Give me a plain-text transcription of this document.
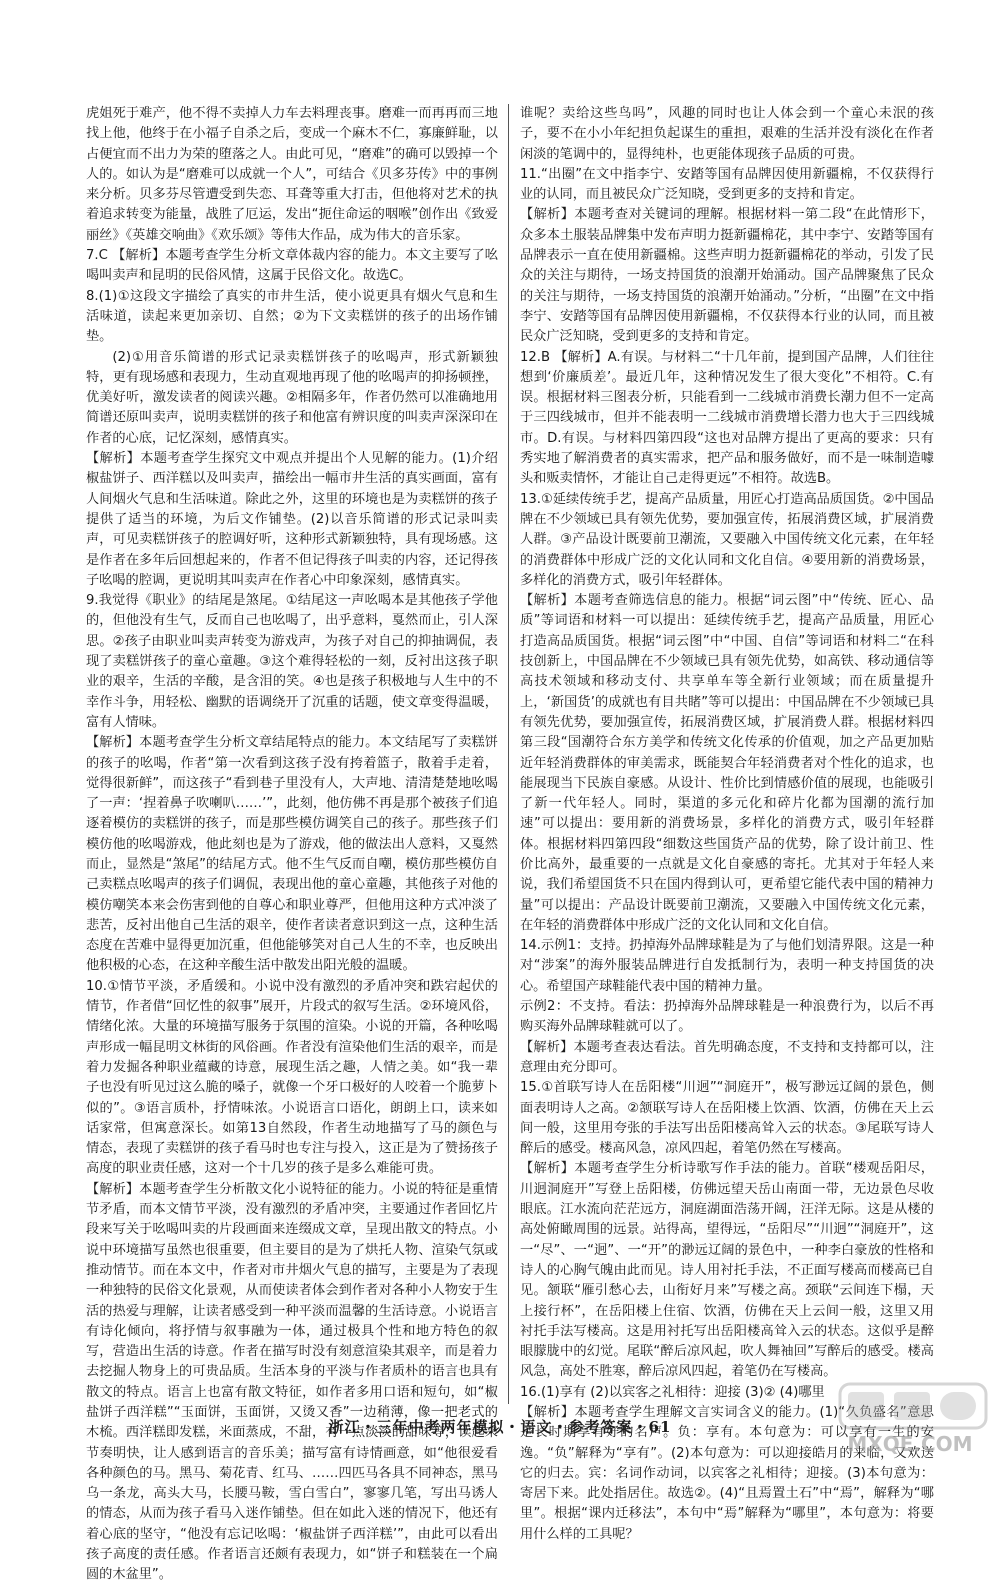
虎姐死于难产，他不得不卖掉人力车去料理丧事。磨难一而再再而三地找上他，他终于在小福子自杀之后，变成一个麻木不仁，寡廉鲜耻，以占便宜而不出力为荣的堕落之人。由此可见，“磨难”的确可以毁掉一个人的。如认为是“磨难可以成就一个人”，可结合《贝多芬传》中的事例来分析。贝多芬尽管遭受到失恋、耳聋等重大打击，但他将对艺术的执着追求转变为能量，战胜了厄运，发出“扼住命运的咽喉”创作出《致爱丽丝》《英雄交响曲》《欢乐颂》等伟大作品，成为伟大的音乐家。

7.C 【解析】本题考查学生分析文章体裁内容的能力。本文主要写了吆喝叫卖声和昆明的民俗风情，这属于民俗文化。故选C。

8.(1)①这段文字描绘了真实的市井生活，使小说更具有烟火气息和生活味道，读起来更加亲切、自然；②为下文卖糕饼的孩子的出场作铺垫。

(2)①用音乐简谱的形式记录卖糕饼孩子的吆喝声，形式新颖独特，更有现场感和表现力，生动直观地再现了他的吆喝声的抑扬顿挫，优美好听，激发读者的阅读兴趣。②相隔多年，作者仍然可以准确地用简谱还原叫卖声，说明卖糕饼的孩子和他富有辨识度的叫卖声深深印在作者的心底，记忆深刻，感情真实。

【解析】本题考查学生探究文中观点并提出个人见解的能力。(1)介绍椒盐饼子、西洋糕以及叫卖声，描绘出一幅市井生活的真实画面，富有人间烟火气息和生活味道。除此之外，这里的环境也是为卖糕饼的孩子提供了适当的环境，为后文作铺垫。(2)以音乐简谱的形式记录叫卖声，可见卖糕饼孩子的腔调好听，这种形式新颖独特，具有现场感。这是作者在多年后回想起来的，作者不但记得孩子叫卖的内容，还记得孩子吆喝的腔调，更说明其叫卖声在作者心中印象深刻，感情真实。

9.我觉得《职业》的结尾是煞尾。①结尾这一声吆喝本是其他孩子学他的，但他没有生气，反而自己也吆喝了，出乎意料，戛然而止，引人深思。②孩子由职业叫卖声转变为游戏声，为孩子对自己的抑抽调侃，表现了卖糕饼孩子的童心童趣。③这个难得轻松的一刻，反衬出这孩子职业的艰辛，生活的辛酸，是含泪的笑。④也是孩子积极地与人生中的不幸作斗争，用轻松、幽默的语调绕开了沉重的话题，使文章变得温暖，富有人情味。

【解析】本题考查学生分析文章结尾特点的能力。本文结尾写了卖糕饼的孩子的吆喝，作者“第一次看到这孩子没有挎着篮子，散着手走着，觉得很新鲜”，而这孩子“看到巷子里没有人，大声地、清清楚楚地吆喝了一声：‘捏着鼻子吹喇叭……’”，此刻，他仿佛不再是那个被孩子们追逐着模仿的卖糕饼的孩子，而是那些模仿调笑自己的孩子。那些孩子们模仿他的吆喝游戏，他此刻也是为了游戏，他的做法出人意料，又戛然而止，显然是“煞尾”的结尾方式。他不生气反而自嘲，模仿那些模仿自己卖糕点吆喝声的孩子们调侃，表现出他的童心童趣，其他孩子对他的模仿嘲笑本来会伤害到他的自尊心和职业尊严，但他用这种方式冲淡了悲苦，反衬出他自己生活的艰辛，使作者读者意识到这一点，这种生活态度在苦难中显得更加沉重，但他能够笑对自己人生的不幸，也反映出他积极的心态，在这种辛酸生活中散发出阳光般的温暖。

10.①情节平淡，矛盾缓和。小说中没有激烈的矛盾冲突和跌宕起伏的情节，作者借“回忆性的叙事”展开，片段式的叙写生活。②环境风俗，情绪化浓。大量的环境描写服务于氛围的渲染。小说的开篇，各种吆喝声形成一幅昆明文林街的风俗画。作者没有渲染他们生活的艰辛，而是着力发掘各种职业蕴藏的诗意，展现生活之趣，人情之美。如“我一辈子也没有听见过这么脆的嗓子，就像一个牙口极好的人咬着一个脆萝卜似的”。③语言质朴，抒情味浓。小说语言口语化，朗朗上口，读来如话家常，但寓意深长。如第13自然段，作者生动地描写了马的颜色与情态，表现了卖糕饼的孩子看马时也专注与投入，这正是为了赞扬孩子高度的职业责任感，这对一个十几岁的孩子是多么难能可贵。

【解析】本题考查学生分析散文化小说特征的能力。小说的特征是重情节矛盾，而本文情节平淡，没有激烈的矛盾冲突，主要通过作者回忆片段来写关于吆喝叫卖的片段画面来连缀成文章，呈现出散文的特点。小说中环境描写虽然也很重要，但主要目的是为了烘托人物、渲染气氛或推动情节。而在本文中，作者对市井烟火气息的描写，主要是为了表现一种独特的民俗文化景观，从而使读者体会到作者对各种小人物安于生活的热爱与理解，让读者感受到一种平淡而温馨的生活诗意。小说语言有诗化倾向，将抒情与叙事融为一体，通过极具个性和地方特色的叙写，营造出生活的诗意。作者在描写时没有刻意渲染其艰辛，而是着力去挖掘人物身上的可贵品质。生活本身的平淡与作者质朴的语言也具有散文的特点。语言上也富有散文特征，如作者多用口语和短句，如“椒盐饼子西洋糕”“玉面饼，玉面饼，又烫又香”一边稍薄，像一把老式的木梳。西洋糕即发糕，米面蒸成，不甜，有一点淡淡的甜味等，读起来节奏明快，让人感到语言的音乐美；描写富有诗情画意，如“他很爱看各种颜色的马。黑马、菊花青、红马、……四匹马各具不同神态，黑马乌一条龙，高头大马，长腰马鞍，雪白雪白”，寥寥几笔，写出马诱人的情态，从而为孩子看马入迷作铺垫。但在如此入迷的情况下，他还有着心底的坚守，“他没有忘记吆喝：‘椒盐饼子西洋糕’”，由此可以看出孩子高度的责任感。作者语言还颇有表现力，如“饼子和糕装在一个扁圆的木盆里”。

谁呢？卖给这些鸟吗”，风趣的同时也让人体会到一个童心未泯的孩子，要不在小小年纪担负起谋生的重担，艰难的生活并没有淡化在作者闲淡的笔调中的，显得纯朴，也更能体现孩子品质的可贵。

11.“出圈”在文中指李宁、安踏等国有品牌因使用新疆棉，不仅获得行业的认同，而且被民众广泛知晓，受到更多的支持和肯定。

【解析】本题考查对关键词的理解。根据材料一第二段“在此情形下，众多本土服装品牌集中发布声明力挺新疆棉花，其中李宁、安踏等国有品牌表示一直在使用新疆棉。这些声明力挺新疆棉花的举动，引发了民众的关注与期待，一场支持国货的浪潮开始涌动。国产品牌聚焦了民众的关注与期待，一场支持国货的浪潮开始涌动。”分析，“出圈”在文中指李宁、安踏等国有品牌因使用新疆棉，不仅获得本行业的认同，而且被民众广泛知晓，受到更多的支持和肯定。

12.B 【解析】A.有误。与材料二“十几年前，提到国产品牌，人们往往想到‘价廉质差’。最近几年，这种情况发生了很大变化”不相符。C.有误。根据材料三图表分析，只能看到一二线城市消费长潮力但不一定高于三四线城市，但并不能表明一二线城市消费增长潜力也大于三四线城市。D.有误。与材料四第四段“这也对品牌方提出了更高的要求：只有秀实地了解消费者的真实需求，把产品和服务做好，而不是一味制造噱头和贩卖情怀，才能让自己走得更远”不相符。故选B。

13.①延续传统手艺，提高产品质量，用匠心打造高品质国货。②中国品牌在不少领域已具有领先优势，要加强宣传，拓展消费区域，扩展消费人群。③产品设计既要前卫潮流，又要融入中国传统文化元素，在年轻的消费群体中形成广泛的文化认同和文化自信。④要用新的消费场景，多样化的消费方式，吸引年轻群体。

【解析】本题考查筛选信息的能力。根据“词云图”中“传统、匠心、品质”等词语和材料一可以提出：延续传统手艺，提高产品质量，用匠心打造高品质国货。根据“词云图”中“中国、自信”等词语和材料二“在科技创新上，中国品牌在不少领域已具有领先优势，如高铁、移动通信等高技术领域和移动支付、共享单车等全新行业领域；而在质量提升上，‘新国货’的成就也有目共睹”等可以提出：中国品牌在不少领域已具有领先优势，要加强宣传，拓展消费区域，扩展消费人群。根据材料四第三段“国潮符合东方美学和传统文化传承的价值观，加之产品更加贴近年轻消费群体的审美需求，既能契合年轻消费者对个性化的追求，也能展现当下民族自豪感。从设计、性价比到情感价值的展现，也能吸引了新一代年轻人。同时，渠道的多元化和碎片化都为国潮的流行加速”可以提出：要用新的消费场景，多样化的消费方式，吸引年轻群体。根据材料四第四段“细数这些国货产品的优势，除了设计前卫、性价比高外，最重要的一点就是文化自豪感的寄托。尤其对于年轻人来说，我们希望国货不只在国内得到认可，更希望它能代表中国的精神力量”可以提出：产品设计既要前卫潮流，又要融入中国传统文化元素，在年轻的消费群体中形成广泛的文化认同和文化自信。

14.示例1：支持。扔掉海外品牌球鞋是为了与他们划清界限。这是一种对“涉案”的海外服装品牌进行自发抵制行为，表明一种支持国货的决心。希望国产球鞋能代表中国的精神力量。

示例2：不支持。看法：扔掉海外品牌球鞋是一种浪费行为，以后不再购买海外品牌球鞋就可以了。

【解析】本题考查表达看法。首先明确态度，不支持和支持都可以，注意理由充分即可。

15.①首联写诗人在岳阳楼“川迥”“洞庭开”，极写渺远辽阔的景色，侧面表明诗人之高。②颔联写诗人在岳阳楼上饮酒、饮酒，仿佛在天上云间一般，这里用夸张的手法写出岳阳楼高耸入云的状态。③尾联写诗人醉后的感受。楼高风急，凉风四起，着笔仍然在写楼高。

【解析】本题考查学生分析诗歌写作手法的能力。首联“楼观岳阳尽，川迥洞庭开”写登上岳阳楼，仿佛远望天岳山南面一带，无边景色尽收眼底。江水流向茫茫远方，洞庭湖面浩荡开阔，汪洋无际。这是从楼的高处俯瞰周围的远景。站得高，望得远，“岳阳尽”“川迥”“洞庭开”，这一“尽”、一“迥”、一“开”的渺远辽阔的景色中，一种李白豪放的性格和诗人的心胸气魄由此而见。诗人用衬托手法，不正面写楼高而楼高已自见。颔联“雁引愁心去，山衔好月来”写楼之高。颈联“云间连下榻，天上接行杯”，在岳阳楼上住宿、饮酒，仿佛在天上云间一般，这里又用衬托手法写楼高。这是用衬托写出岳阳楼高耸入云的状态。这似乎是醉眼朦胧中的幻觉。尾联“醉后凉风起，吹人舞袖回”写醉后的感受。楼高风急，高处不胜寒，醉后凉风四起，着笔仍在写楼高。

16.(1)享有 (2)以宾客之礼相待：迎接 (3)② (4)哪里

【解析】本题考查学生理解文言实词含义的能力。(1)“久负盛名”意思是长时期享有好的名声。负：享有。本句意为：可以享有一生的安逸。“负”解释为“享有”。(2)本句意为：可以迎接皓月的来临，又欢送它的归去。宾：名词作动词，以宾客之礼相待；迎接。(3)本句意为：寄居下来。此处指居住。故选②。(4)“且焉置土石”中“焉”，解释为“哪里”。根据“课内迁移法”，本句中“焉”解释为“哪里”，本句意为：将要用什么样的工具呢？

浙江・三年中考两年模拟・语文・参考答案・61
MXQE.COM
